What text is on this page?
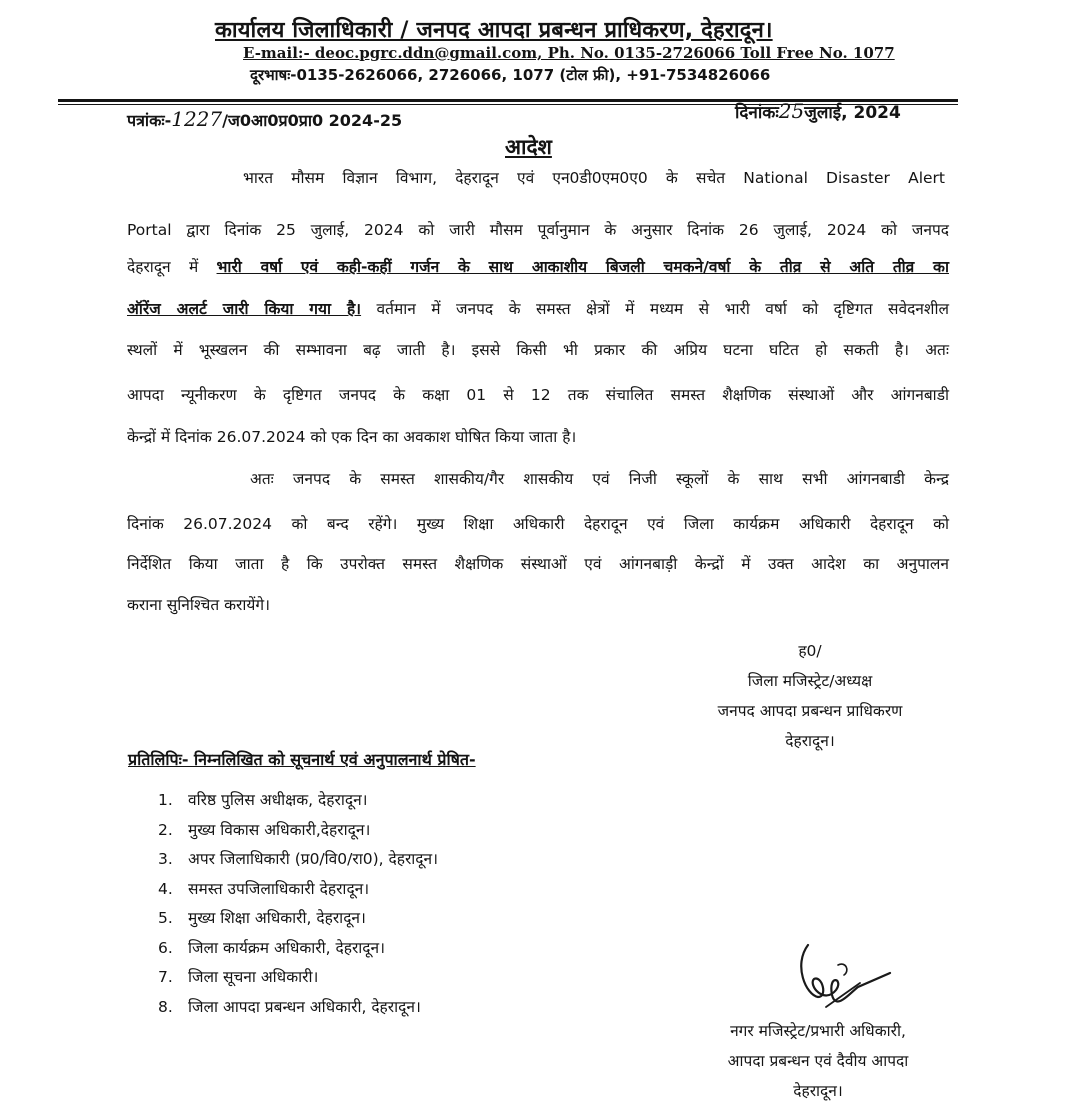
कार्यालय जिलाधिकारी / जनपद आपदा प्रबन्धन प्राधिकरण, देहरादून।
E-mail:- deoc.pgrc.ddn@gmail.com, Ph. No. 0135-2726066 Toll Free No. 1077
दूरभाषः-0135-2626066, 2726066, 1077 (टोल फ्री), +91-7534826066
पत्रांकः-1227/ज0आ0प्र0प्रा0 2024-25	दिनांकः25जुलाई, 2024
आदेश
भारत मौसम विज्ञान विभाग, देहरादून एवं एन0डी0एम0ए0 के सचेत National Disaster Alert
Portal द्वारा दिनांक 25 जुलाई, 2024 को जारी मौसम पूर्वानुमान के अनुसार दिनांक 26 जुलाई, 2024 को जनपद
देहरादून में भारी वर्षा एवं कही-कहीं गर्जन के साथ आकाशीय बिजली चमकने/वर्षा के तीव्र से अति तीव्र का
ऑरेंज अलर्ट जारी किया गया है। वर्तमान में जनपद के समस्त क्षेत्रों में मध्यम से भारी वर्षा को दृष्टिगत सवेदनशील
स्थलों में भूस्खलन की सम्भावना बढ़ जाती है। इससे किसी भी प्रकार की अप्रिय घटना घटित हो सकती है। अतः
आपदा न्यूनीकरण के दृष्टिगत जनपद के कक्षा 01 से 12 तक संचालित समस्त शैक्षणिक संस्थाओं और आंगनबाडी
केन्द्रों में दिनांक 26.07.2024 को एक दिन का अवकाश घोषित किया जाता है।
अतः जनपद के समस्त शासकीय/गैर शासकीय एवं निजी स्कूलों के साथ सभी आंगनबाडी केन्द्र
दिनांक 26.07.2024 को बन्द रहेंगे। मुख्य शिक्षा अधिकारी देहरादून एवं जिला कार्यक्रम अधिकारी देहरादून को
निर्देशित किया जाता है कि उपरोक्त समस्त शैक्षणिक संस्थाओं एवं आंगनबाड़ी केन्द्रों में उक्त आदेश का अनुपालन
कराना सुनिश्चित करायेंगे।
ह0/
जिला मजिस्ट्रेट/अध्यक्ष
जनपद आपदा प्रबन्धन प्राधिकरण
देहरादून।
प्रतिलिपिः- निम्नलिखित को सूचनार्थ एवं अनुपालनार्थ प्रेषित-
1. वरिष्ठ पुलिस अधीक्षक, देहरादून।
2. मुख्य विकास अधिकारी,देहरादून।
3. अपर जिलाधिकारी (प्र0/वि0/रा0), देहरादून।
4. समस्त उपजिलाधिकारी देहरादून।
5. मुख्य शिक्षा अधिकारी, देहरादून।
6. जिला कार्यक्रम अधिकारी, देहरादून।
7. जिला सूचना अधिकारी।
8. जिला आपदा प्रबन्धन अधिकारी, देहरादून।
नगर मजिस्ट्रेट/प्रभारी अधिकारी,
आपदा प्रबन्धन एवं दैवीय आपदा
देहरादून।
